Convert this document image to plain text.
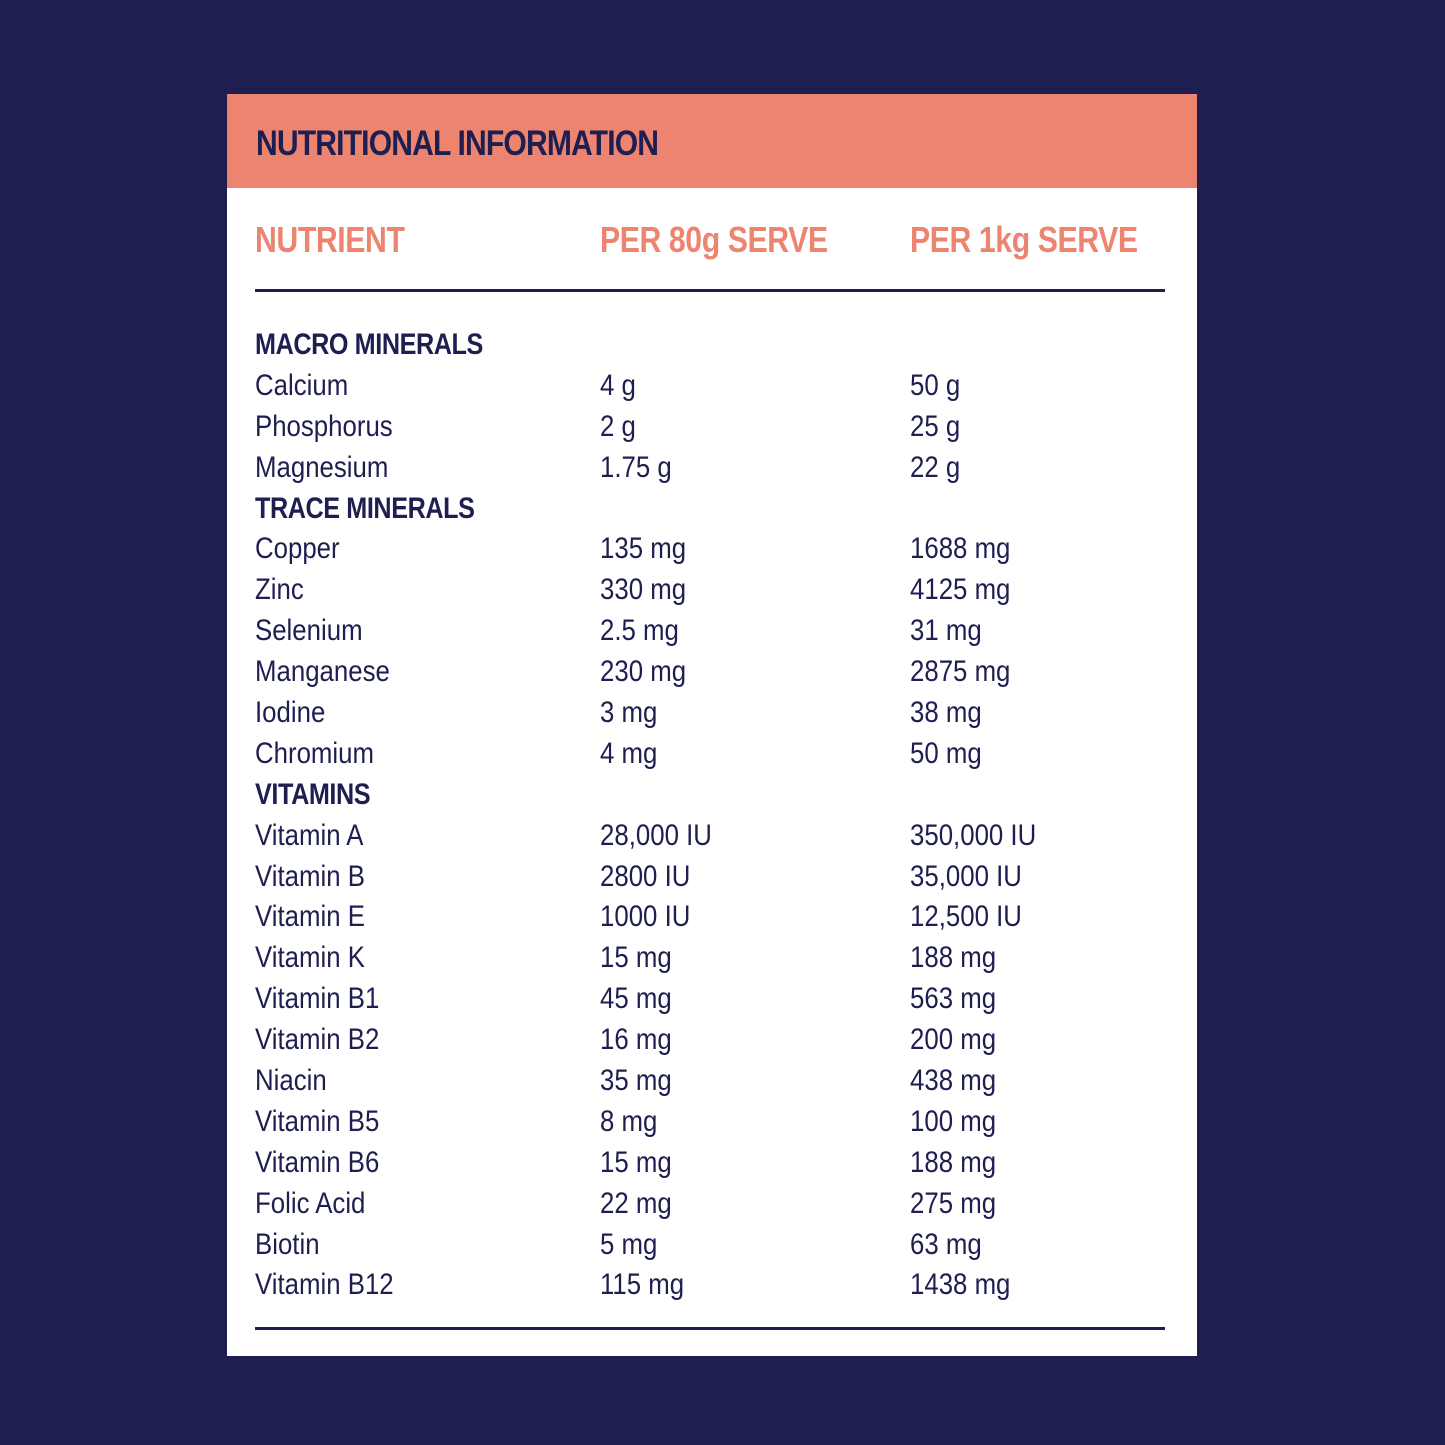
NUTRITIONAL INFORMATION
NUTRIENT	PER 80g SERVE PER 1kg SERVE
MACRO MINERALS
Calcium	4 g	50 g
Phosphorus	2 g	25 g
Magnesium	1.75 g	22 g
TRACE MINERALS
Copper	135 mg	1688 mg
Zinc	330 mg	4125 mg
Selenium	2.5 mg	31 mg
Manganese	230 mg	2875 mg
Iodine	3 mg	38 mg
Chromium	4 mg	50 mg
VITAMINS
Vitamin A	28,000 IU	350,000 IU
Vitamin B	2800 IU	35,000 IU
Vitamin E	1000 IU	12,500 IU
Vitamin K	15 mg	188 mg
Vitamin B1	45 mg	563 mg
Vitamin B2	16 mg	200 mg
Niacin	35 mg	438 mg
Vitamin B5	8 mg	100 mg
Vitamin B6	15 mg	188 mg
Folic Acid	22 mg	275 mg
Biotin	5 mg	63 mg
Vitamin B12	115 mg	1438 mg
